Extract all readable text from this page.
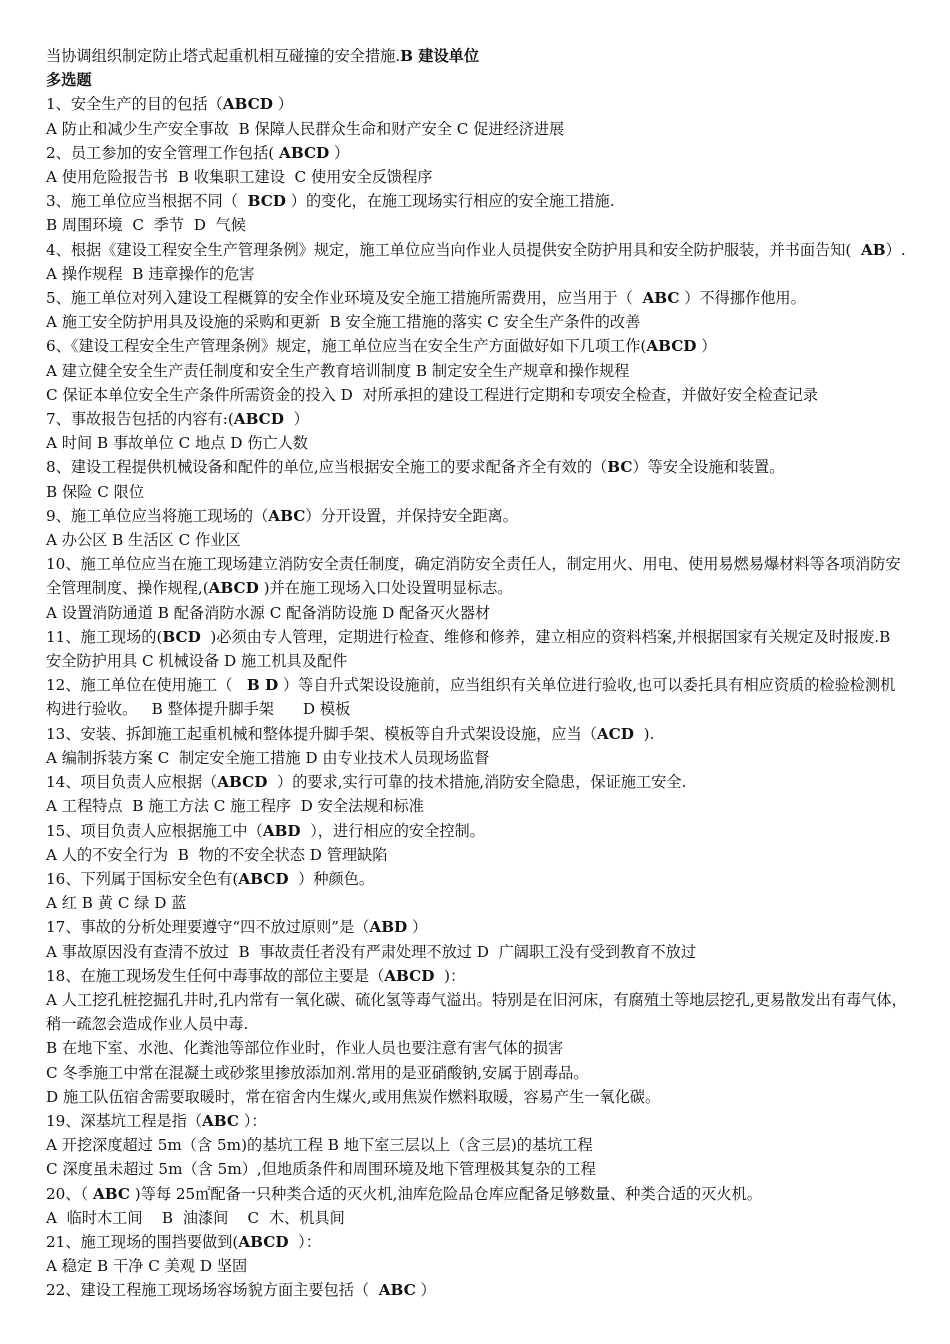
当协调组织制定防止塔式起重机相互碰撞的安全措施.B 建设单位
多选题
1、安全生产的目的包括（ABCD ）
A 防止和减少生产安全事故  B 保障人民群众生命和财产安全 C 促进经济进展
2、员工参加的安全管理工作包括( ABCD ）
A 使用危险报告书  B 收集职工建设  C 使用安全反馈程序
3、施工单位应当根据不同（  BCD ）的变化，在施工现场实行相应的安全施工措施.
B 周围环境  C  季节  D  气候
4、根据《建设工程安全生产管理条例》规定，施工单位应当向作业人员提供安全防护用具和安全防护服装，并书面告知(  AB）.A 操作规程  B 违章操作的危害
5、施工单位对列入建设工程概算的安全作业环境及安全施工措施所需费用，应当用于（  ABC ）不得挪作他用。
A 施工安全防护用具及设施的采购和更新  B 安全施工措施的落实 C 安全生产条件的改善
6、《建设工程安全生产管理条例》规定，施工单位应当在安全生产方面做好如下几项工作(ABCD ）
A 建立健全安全生产责任制度和安全生产教育培训制度 B 制定安全生产规章和操作规程
C 保证本单位安全生产条件所需资金的投入 D  对所承担的建设工程进行定期和专项安全检查，并做好安全检查记录
7、事故报告包括的内容有:(ABCD  ）
A 时间 B 事故单位 C 地点 D 伤亡人数
8、建设工程提供机械设备和配件的单位,应当根据安全施工的要求配备齐全有效的（BC）等安全设施和装置。
B 保险 C 限位
9、施工单位应当将施工现场的（ABC）分开设置，并保持安全距离。
A 办公区 B 生活区 C 作业区
10、施工单位应当在施工现场建立消防安全责任制度，确定消防安全责任人，制定用火、用电、使用易燃易爆材料等各项消防安全管理制度、操作规程,(ABCD )并在施工现场入口处设置明显标志。
A 设置消防通道 B 配备消防水源 C 配备消防设施 D 配备灭火器材
11、施工现场的(BCD  )必须由专人管理，定期进行检查、维修和修养，建立相应的资料档案,并根据国家有关规定及时报废.B 安全防护用具 C 机械设备 D 施工机具及配件
12、施工单位在使用施工（   B D ）等自升式架设设施前，应当组织有关单位进行验收,也可以委托具有相应资质的检验检测机构进行验收。   B 整体提升脚手架      D 模板
13、安装、拆卸施工起重机械和整体提升脚手架、模板等自升式架设设施，应当（ACD  ).
A 编制拆装方案 C  制定安全施工措施 D 由专业技术人员现场监督
14、项目负责人应根据（ABCD  ）的要求,实行可靠的技术措施,消防安全隐患，保证施工安全.
A 工程特点  B 施工方法 C 施工程序  D 安全法规和标准
15、项目负责人应根据施工中（ABD  ），进行相应的安全控制。
A 人的不安全行为  B  物的不安全状态 D 管理缺陷
16、下列属于国标安全色有(ABCD  ）种颜色。
A 红 B 黄 C 绿 D 蓝
17、事故的分析处理要遵守“四不放过原则”是（ABD ）
A 事故原因没有查清不放过  B  事故责任者没有严肃处理不放过 D  广阔职工没有受到教育不放过
18、在施工现场发生任何中毒事故的部位主要是（ABCD  )：
A 人工挖孔桩挖掘孔井时,孔内常有一氧化碳、硫化氢等毒气溢出。特别是在旧河床，有腐殖土等地层挖孔,更易散发出有毒气体，稍一疏忽会造成作业人员中毒.
B 在地下室、水池、化粪池等部位作业时，作业人员也要注意有害气体的损害
C 冬季施工中常在混凝土或砂浆里掺放添加剂.常用的是亚硝酸钠,安属于剧毒品。
D 施工队伍宿舍需要取暖时，常在宿舍内生煤火,或用焦炭作燃料取暖，容易产生一氧化碳。
19、深基坑工程是指（ABC ）：
A 开挖深度超过 5m（含 5m)的基坑工程 B 地下室三层以上（含三层)的基坑工程
C 深度虽未超过 5m（含 5m）,但地质条件和周围环境及地下管理极其复杂的工程
20、（ ABC )等每 25㎡配备一只种类合适的灭火机,油库危险品仓库应配备足够数量、种类合适的灭火机。
A  临时木工间    B  油漆间    C  木、机具间
21、施工现场的围挡要做到(ABCD  ）：
A 稳定 B 干净 C 美观 D 坚固
22、建设工程施工现场场容场貌方面主要包括（  ABC ）
